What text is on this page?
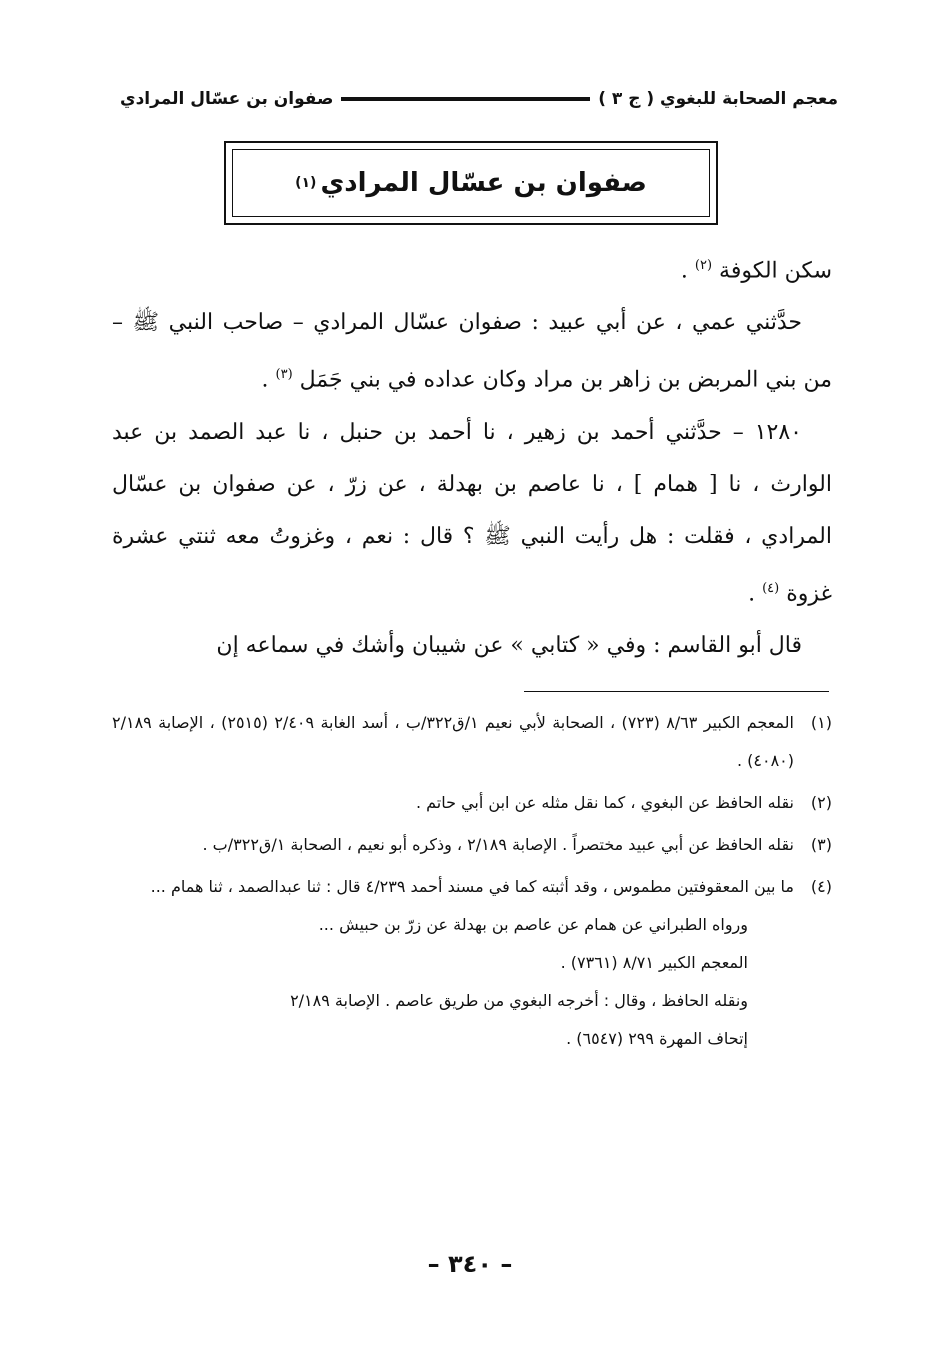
معجم الصحابة للبغوي ( ج ٣ )
صفوان بن عسّال المرادي
صفوان بن عسّال المرادي
(١)

سكن الكوفة $^{(٢)}$ .

حدَّثني عمي ، عن أبي عبيد : صفوان عسّال المرادي – صاحب النبي ﷺ – من بني المربض بن زاهر بن مراد وكان عداده في بني جَمَل $^{(٣)}$ .

١٢٨٠ – حدَّثني أحمد بن زهير ، نا أحمد بن حنبل ، نا عبد الصمد بن عبد الوارث ، نا [ همام ] ، نا عاصم بن بهدلة ، عن زرّ ، عن صفوان بن عسّال المرادي ، فقلت : هل رأيت النبي ﷺ ؟ قال : نعم ، وغزوتُ معه ثنتي عشرة غزوة $^{(٤)}$ .

قال أبو القاسم : وفي « كتابي » عن شيبان وأشك في سماعه إن

(١)

المعجم الكبير ٨/٦٣ (٧٢٣) ، الصحابة لأبي نعيم ١/ق٣٢٢/ب ، أسد الغابة ٢/٤٠٩ (٢٥١٥) ، الإصابة ٢/١٨٩ (٤٠٨٠) .

(٢)

نقله الحافظ عن البغوي ، كما نقل مثله عن ابن أبي حاتم .

(٣)

نقله الحافظ عن أبي عبيد مختصراً . الإصابة ٢/١٨٩ ، وذكره أبو نعيم ، الصحابة ١/ق٣٢٢/ب .

(٤)

ما بين المعقوفتين مطموس ، وقد أثبته كما في مسند أحمد ٤/٢٣٩ قال : ثنا عبدالصمد ، ثنا همام ...

ورواه الطبراني عن همام عن عاصم بن بهدلة عن زرّ بن حبيش ...

المعجم الكبير ٨/٧١ (٧٣٦١) .

ونقله الحافظ ، وقال : أخرجه البغوي من طريق عاصم . الإصابة ٢/١٨٩

إتحاف المهرة ٢٩٩ (٦٥٤٧) .

– ٣٤٠ –
